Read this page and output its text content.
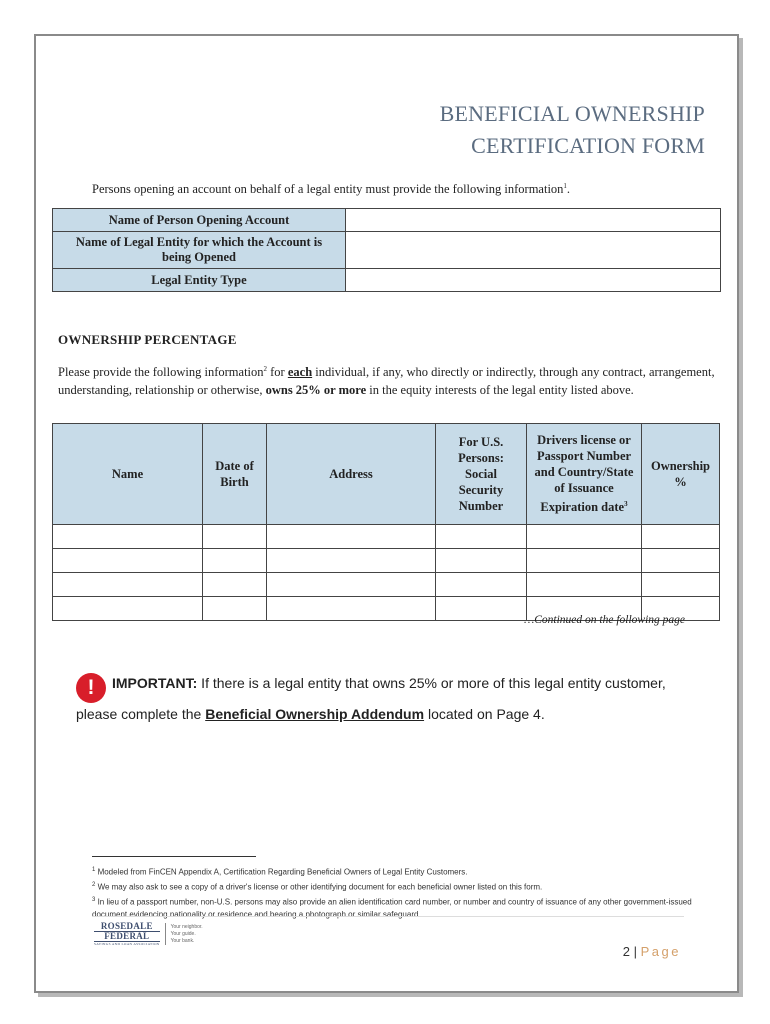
BENEFICIAL OWNERSHIP
CERTIFICATION FORM
Persons opening an account on behalf of a legal entity must provide the following information$^1$.
Name of Person Opening Account	
Name of Legal Entity for which the Account is being Opened	
Legal Entity Type	
OWNERSHIP PERCENTAGE
Please provide the following information$^2$ for each individual, if any, who directly or indirectly, through any contract, arrangement, understanding, relationship or otherwise, owns 25% or more in the equity interests of the legal entity listed above.
Name	Date of Birth	Address	For U.S. Persons: Social Security Number	Drivers license or Passport Number and Country/State of Issuance Expiration date$^3$	Ownership %

…Continued on the following page
! IMPORTANT: If there is a legal entity that owns 25% or more of this legal entity customer, please complete the Beneficial Ownership Addendum located on Page 4.
$^1$ Modeled from FinCEN Appendix A, Certification Regarding Beneficial Owners of Legal Entity Customers.
$^2$ We may also ask to see a copy of a driver's license or other identifying document for each beneficial owner listed on this form.
$^3$ In lieu of a passport number, non-U.S. persons may also provide an alien identification card number, or number and country of issuance of any other government-issued document evidencing nationality or residence and bearing a photograph or similar safeguard.
ROSEDALE
FEDERAL
SAVINGS AND LOAN ASSOCIATION
Your neighbor.
Your guide.
Your bank.
2 | Page
